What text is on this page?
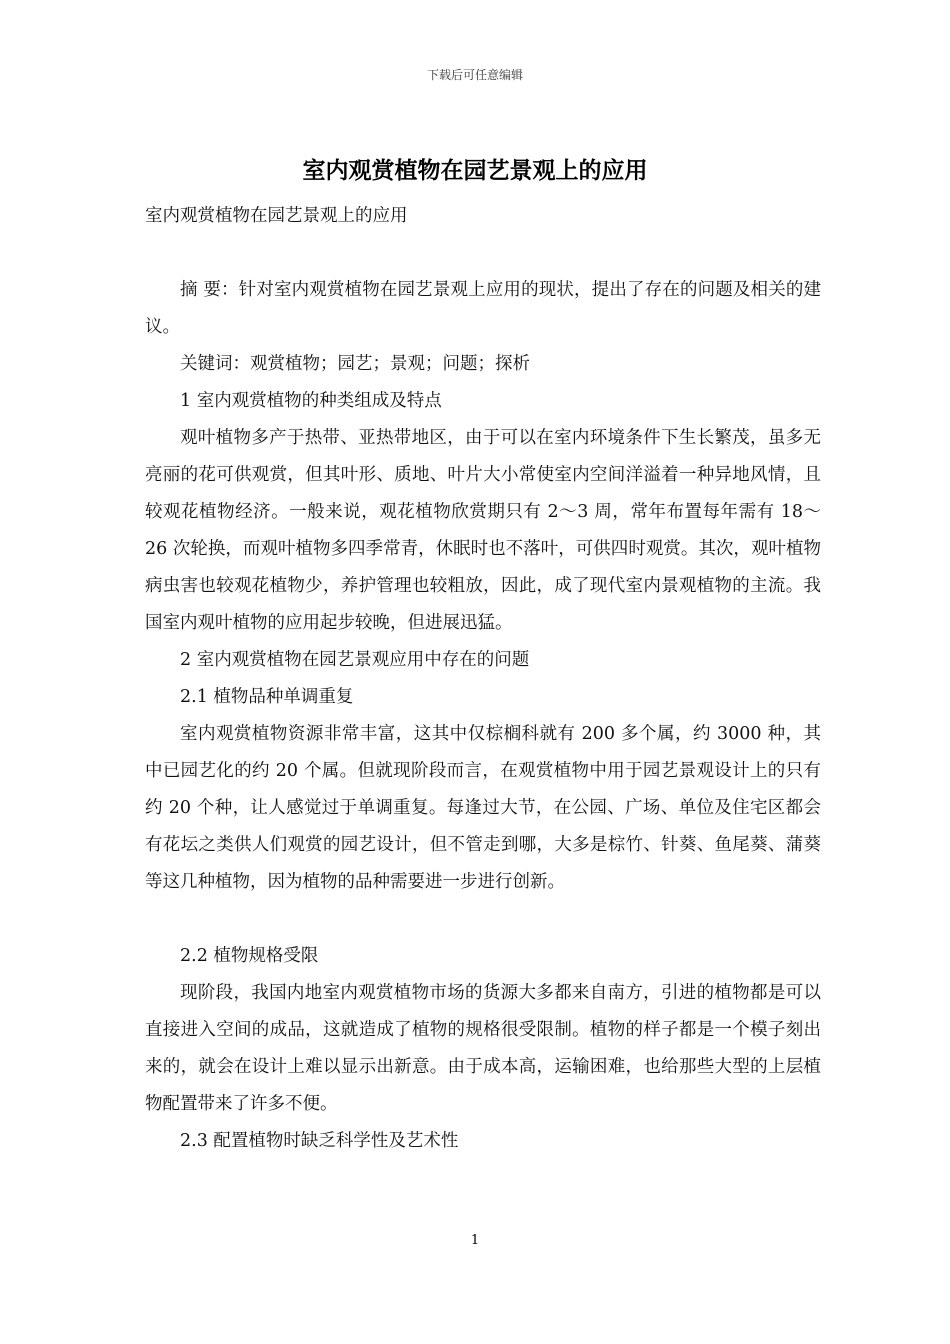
下载后可任意编辑
室内观赏植物在园艺景观上的应用

室内观赏植物在园艺景观上的应用

摘 要：针对室内观赏植物在园艺景观上应用的现状，提出了存在的问题及相关的建议。

关键词：观赏植物；园艺；景观；问题；探析

1 室内观赏植物的种类组成及特点

观叶植物多产于热带、亚热带地区，由于可以在室内环境条件下生长繁茂，虽多无亮丽的花可供观赏，但其叶形、质地、叶片大小常使室内空间洋溢着一种异地风情，且较观花植物经济。一般来说，观花植物欣赏期只有 2～3 周，常年布置每年需有 18～26 次轮换，而观叶植物多四季常青，休眠时也不落叶，可供四时观赏。其次，观叶植物病虫害也较观花植物少，养护管理也较粗放，因此，成了现代室内景观植物的主流。我国室内观叶植物的应用起步较晚，但进展迅猛。

2 室内观赏植物在园艺景观应用中存在的问题

2.1 植物品种单调重复

室内观赏植物资源非常丰富，这其中仅棕榈科就有 200 多个属，约 3000 种，其中已园艺化的约 20 个属。但就现阶段而言，在观赏植物中用于园艺景观设计上的只有约 20 个种，让人感觉过于单调重复。每逢过大节，在公园、广场、单位及住宅区都会有花坛之类供人们观赏的园艺设计，但不管走到哪，大多是棕竹、针葵、鱼尾葵、蒲葵等这几种植物，因为植物的品种需要进一步进行创新。

2.2 植物规格受限

现阶段，我国内地室内观赏植物市场的货源大多都来自南方，引进的植物都是可以直接进入空间的成品，这就造成了植物的规格很受限制。植物的样子都是一个模子刻出来的，就会在设计上难以显示出新意。由于成本高，运输困难，也给那些大型的上层植物配置带来了许多不便。

2.3 配置植物时缺乏科学性及艺术性

1
